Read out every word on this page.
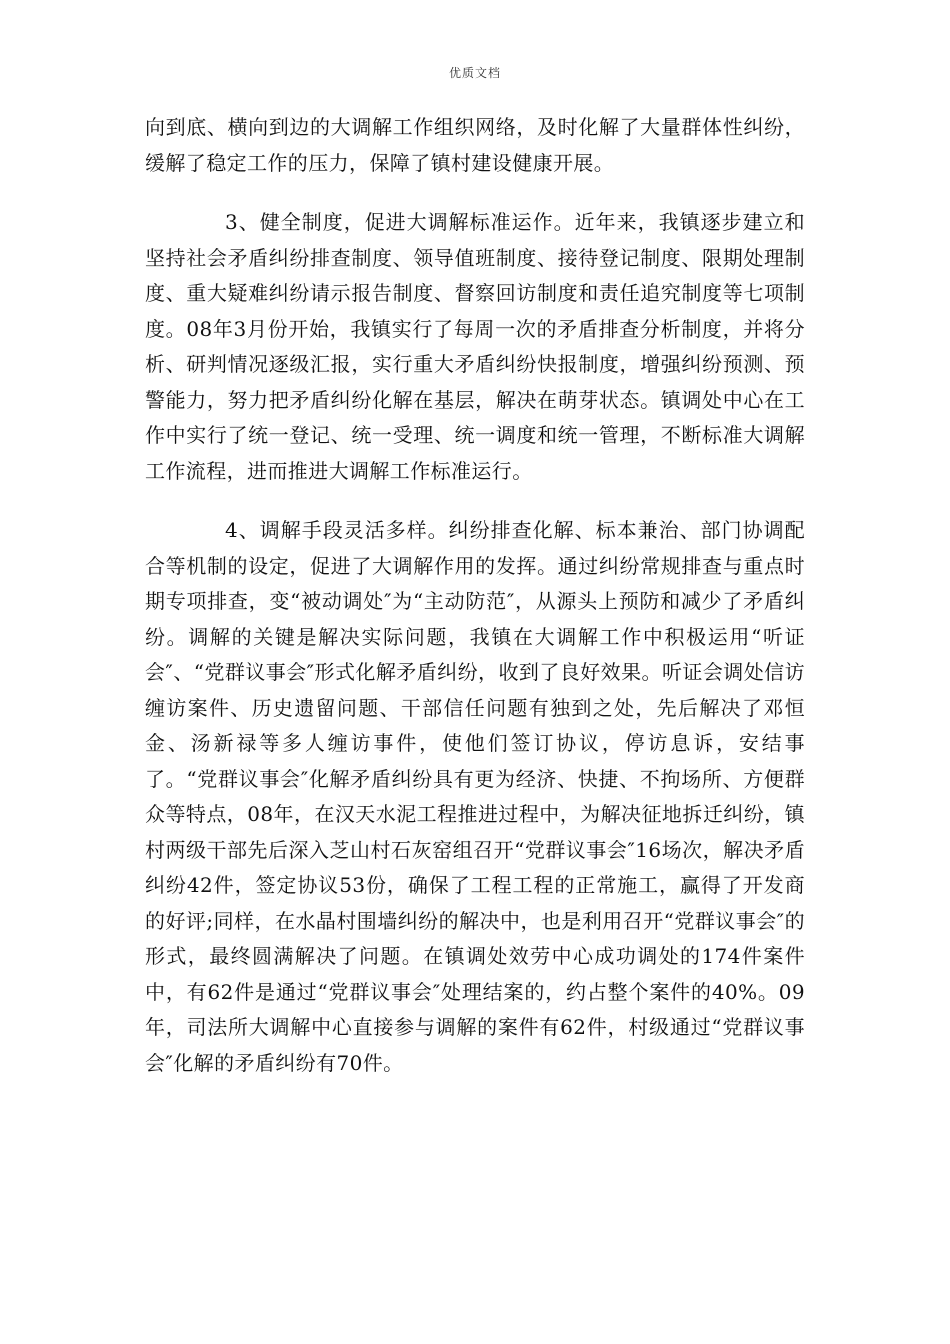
优质文档

向到底、横向到边的大调解工作组织网络，及时化解了大量群体性纠纷，缓解了稳定工作的压力，保障了镇村建设健康开展。

3、健全制度，促进大调解标准运作。近年来，我镇逐步建立和坚持社会矛盾纠纷排查制度、领导值班制度、接待登记制度、限期处理制度、重大疑难纠纷请示报告制度、督察回访制度和责任追究制度等七项制度。08年3月份开始，我镇实行了每周一次的矛盾排查分析制度，并将分析、研判情况逐级汇报，实行重大矛盾纠纷快报制度，增强纠纷预测、预警能力，努力把矛盾纠纷化解在基层，解决在萌芽状态。镇调处中心在工作中实行了统一登记、统一受理、统一调度和统一管理，不断标准大调解工作流程，进而推进大调解工作标准运行。

4、调解手段灵活多样。纠纷排查化解、标本兼治、部门协调配合等机制的设定，促进了大调解作用的发挥。通过纠纷常规排查与重点时期专项排查，变“被动调处″为“主动防范″，从源头上预防和减少了矛盾纠纷。调解的关键是解决实际问题，我镇在大调解工作中积极运用“听证会″、“党群议事会″形式化解矛盾纠纷，收到了良好效果。听证会调处信访缠访案件、历史遗留问题、干部信任问题有独到之处，先后解决了邓恒金、汤新禄等多人缠访事件，使他们签订协议，停访息诉，安结事了。“党群议事会″化解矛盾纠纷具有更为经济、快捷、不拘场所、方便群众等特点，08年，在汉天水泥工程推进过程中，为解决征地拆迁纠纷，镇村两级干部先后深入芝山村石灰窑组召开“党群议事会″16场次，解决矛盾纠纷42件，签定协议53份，确保了工程工程的正常施工，赢得了开发商的好评;同样，在水晶村围墙纠纷的解决中，也是利用召开“党群议事会″的形式，最终圆满解决了问题。在镇调处效劳中心成功调处的174件案件中，有62件是通过“党群议事会″处理结案的，约占整个案件的40%。09年，司法所大调解中心直接参与调解的案件有62件，村级通过“党群议事会″化解的矛盾纠纷有70件。
